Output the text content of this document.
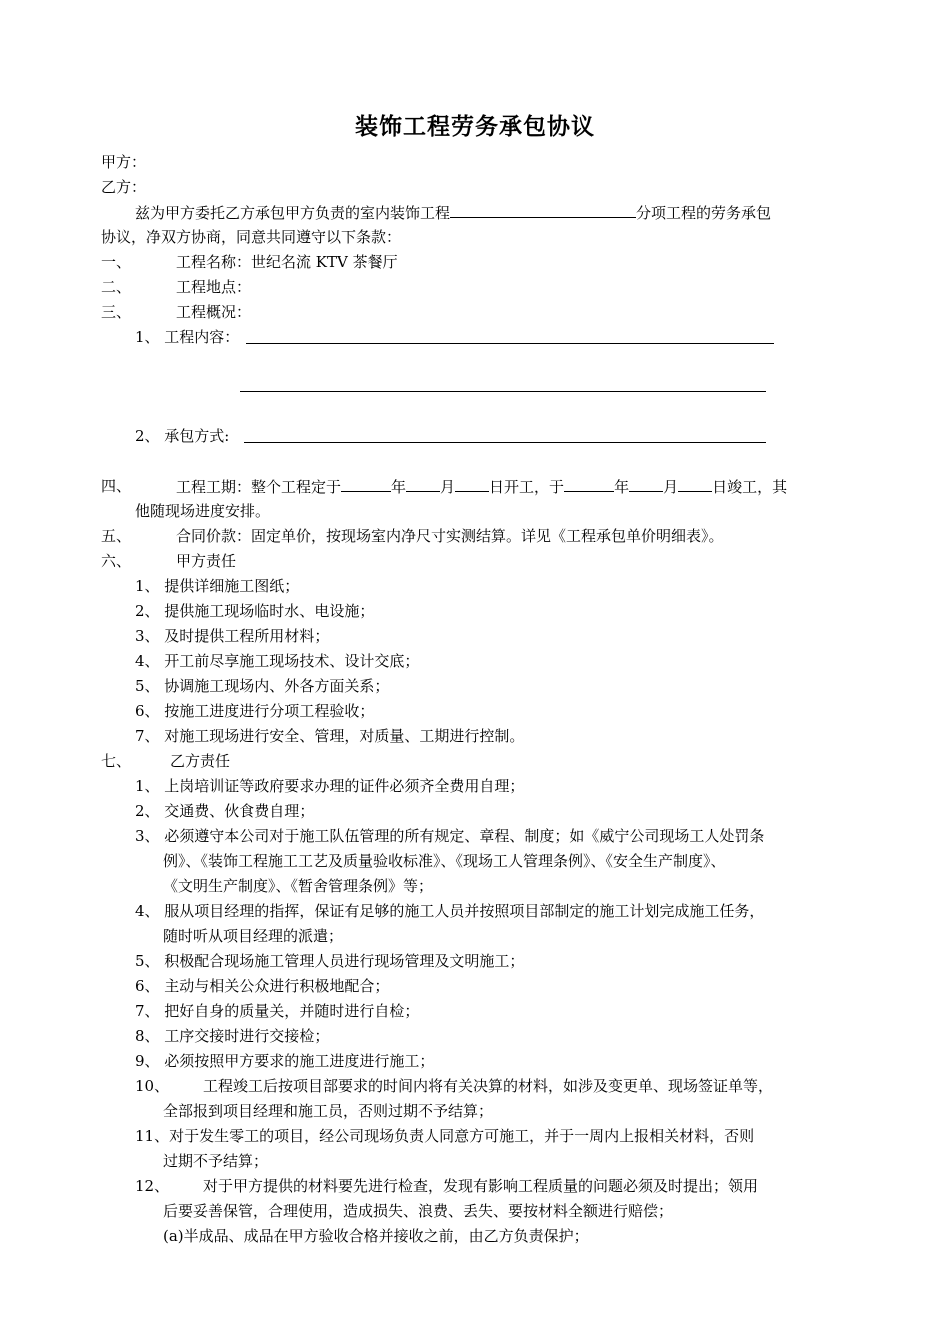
装饰工程劳务承包协议
甲方：
乙方：
兹为甲方委托乙方承包甲方负责的室内装饰工程	分项工程的劳务承包
协议，净双方协商，同意共同遵守以下条款：
一、	工程名称：世纪名流 KTV 茶餐厅
二、	工程地点：
三、	工程概况：
1、 工程内容：
2、 承包方式:
四、	工程工期：整个工程定于	年 月 日开工，于	年 月 日竣工，其
他随现场进度安排。
五、	合同价款：固定单价，按现场室内净尺寸实测结算。详见《工程承包单价明细表》。
六、	甲方责任
1、 提供详细施工图纸；
2、 提供施工现场临时水、电设施；
3、 及时提供工程所用材料；
4、 开工前尽享施工现场技术、设计交底；
5、 协调施工现场内、外各方面关系；
6、 按施工进度进行分项工程验收；
7、 对施工现场进行安全、管理，对质量、工期进行控制。
七、	乙方责任
1、 上岗培训证等政府要求办理的证件必须齐全费用自理；
2、 交通费、伙食费自理；
3、 必须遵守本公司对于施工队伍管理的所有规定、章程、制度；如《威宁公司现场工人处罚条
例》、《装饰工程施工工艺及质量验收标准》、《现场工人管理条例》、《安全生产制度》、
《文明生产制度》、《暂舍管理条例》等；
4、 服从项目经理的指挥，保证有足够的施工人员并按照项目部制定的施工计划完成施工任务，
随时听从项目经理的派遣；
5、 积极配合现场施工管理人员进行现场管理及文明施工；
6、 主动与相关公众进行积极地配合；
7、 把好自身的质量关，并随时进行自检；
8、 工序交接时进行交接检；
9、 必须按照甲方要求的施工进度进行施工；
10、 工程竣工后按项目部要求的时间内将有关决算的材料，如涉及变更单、现场签证单等，
全部报到项目经理和施工员，否则过期不予结算；
11、对于发生零工的项目，经公司现场负责人同意方可施工，并于一周内上报相关材料，否则
过期不予结算；
12、 对于甲方提供的材料要先进行检查，发现有影响工程质量的问题必须及时提出；领用
后要妥善保管，合理使用，造成损失、浪费、丢失、要按材料全额进行赔偿；
(a)半成品、成品在甲方验收合格并接收之前，由乙方负责保护；
